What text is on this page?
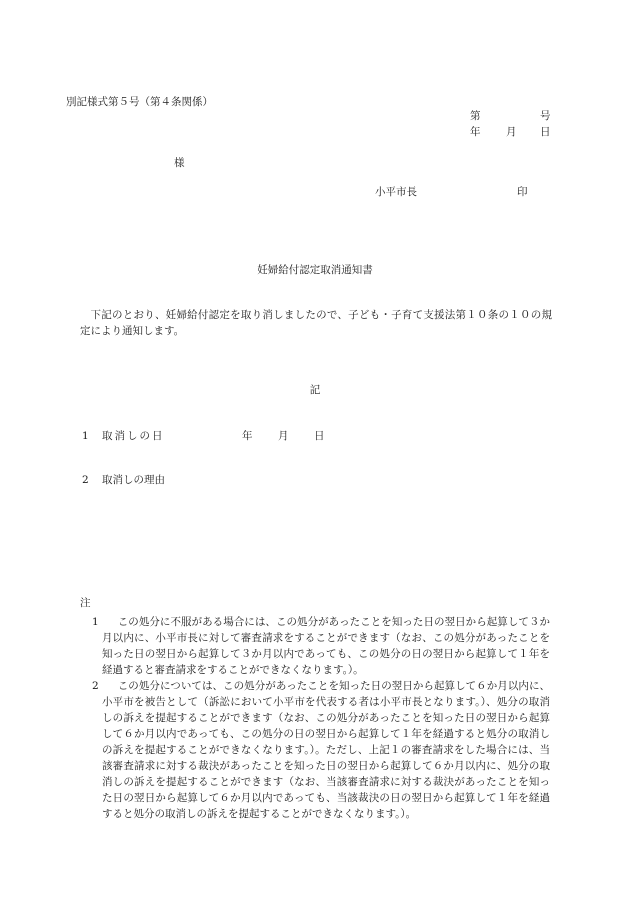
別記様式第５号（第４条関係）
第	号
年 月 日
様
小平市長	印
妊婦給付認定取消通知書
下記のとおり、妊婦給付認定を取り消しましたので、子ども・子育て支援法第１０条の１０の規定により通知します。
記
1 取消しの日	年 月 日
2 取消しの理由
注

1 この処分に不服がある場合には、この処分があったことを知った日の翌日から起算して３か月以内に、小平市長に対して審査請求をすることができます（なお、この処分があったことを知った日の翌日から起算して３か月以内であっても、この処分の日の翌日から起算して１年を経過すると審査請求をすることができなくなります。）。

2 この処分については、この処分があったことを知った日の翌日から起算して６か月以内に、小平市を被告として（訴訟において小平市を代表する者は小平市長となります。）、処分の取消しの訴えを提起することができます（なお、この処分があったことを知った日の翌日から起算して６か月以内であっても、この処分の日の翌日から起算して１年を経過すると処分の取消しの訴えを提起することができなくなります。）。ただし、上記１の審査請求をした場合には、当該審査請求に対する裁決があったことを知った日の翌日から起算して６か月以内に、処分の取消しの訴えを提起することができます（なお、当該審査請求に対する裁決があったことを知った日の翌日から起算して６か月以内であっても、当該裁決の日の翌日から起算して１年を経過すると処分の取消しの訴えを提起することができなくなります。）。
